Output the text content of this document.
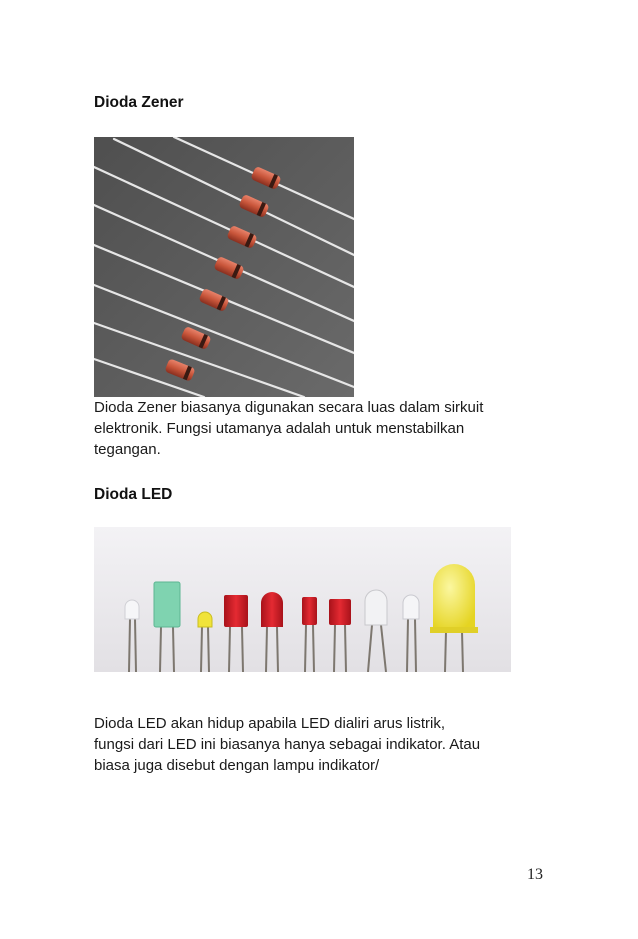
Dioda Zener

Dioda Zener biasanya digunakan secara luas dalam sirkuit
elektronik. Fungsi utamanya adalah untuk menstabilkan
tegangan.

Dioda LED

Dioda LED akan hidup apabila LED dialiri arus listrik,
fungsi dari LED ini biasanya hanya sebagai indikator. Atau
biasa juga disebut dengan lampu indikator/

13
